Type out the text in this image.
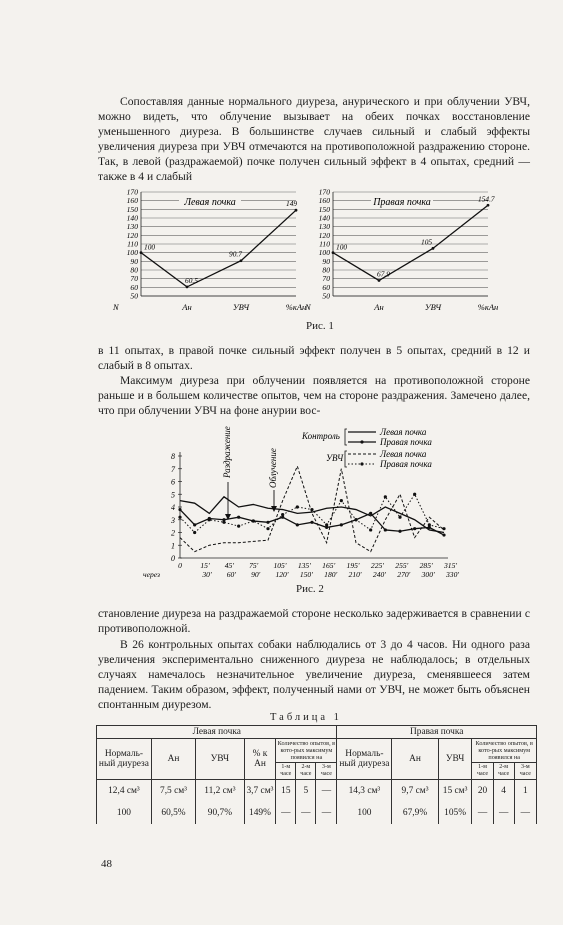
Сопоставляя данные нормального диуреза, анурического и при облучении УВЧ, можно видеть, что облучение вызывает на обеих почках восстановление уменьшенного диуреза. В большинстве случаев сильный и слабый эффекты увеличения диуреза при УВЧ отмечаются на противоположной раздражению стороне. Так, в левой (раздражаемой) почке получен сильный эффект в 4 опытах, средний — также в 4 и слабый

170
160
150
140
130
120
110
100
90
80
70
60
50
Левая почка
100
60.5
90.7
149
N	Ан	УВЧ	%кАн
170
160
150
140
130
120
110
100
90
80
70
60
50
Правая почка
100
67.9
105
154.7
N	Ан	УВЧ	%кАн
Рис. 1

в 11 опытах, в правой почке сильный эффект получен в 5 опытах, средний в 12 и слабый в 8 опытах.

Максимум диуреза при облучении появляется на противоположной стороне раньше и в большем количестве опытов, чем на стороне раздражения. Замечено далее, что при облучении УВЧ на фоне анурии вос-

0
1
2
3
4
5
6
7
8
0 15' 45' 75' 105' 135' 165' 195' 225' 255' 285' 315'
через	30' 60' 90' 120' 150' 180' 210' 240' 270' 300' 330'
Раздражение	Облучение
Контроль	Левая почка
Правая почка
УВЧ	Левая почка
Правая почка
Рис. 2

становление диуреза на раздражаемой стороне несколько задерживается в сравнении с противоположной.

В 26 контрольных опытах собаки наблюдались от 3 до 4 часов. Ни одного раза увеличения экспериментально сниженного диуреза не наблюдалось; в отдельных случаях намечалось незначительное увеличение диуреза, сменявшееся затем падением. Таким образом, эффект, полученный нами от УВЧ, не может быть объяснен спонтанным диурезом.

Таблица 1
Левая почка							Правая почка					
Нормаль-ный диуреза	Ан	УВЧ	% к Ан	Количество опытов, в кото-рых максимум появился на			Нормаль-ный диуреза	Ан	УВЧ	Количество опытов, в кото-рых максимум появился на		
				1-м часе	2-м часе	3-м часе				1-м часе	2-м часе	3-м часе
12,4 см³	7,5 см³	11,2 см³	3,7 см³	15	5	—	14,3 см³	9,7 см³	15 см³	20	4	1
100	60,5%	90,7%	149%	—	—	—	100	67,9%	105%	—	—	—
48
